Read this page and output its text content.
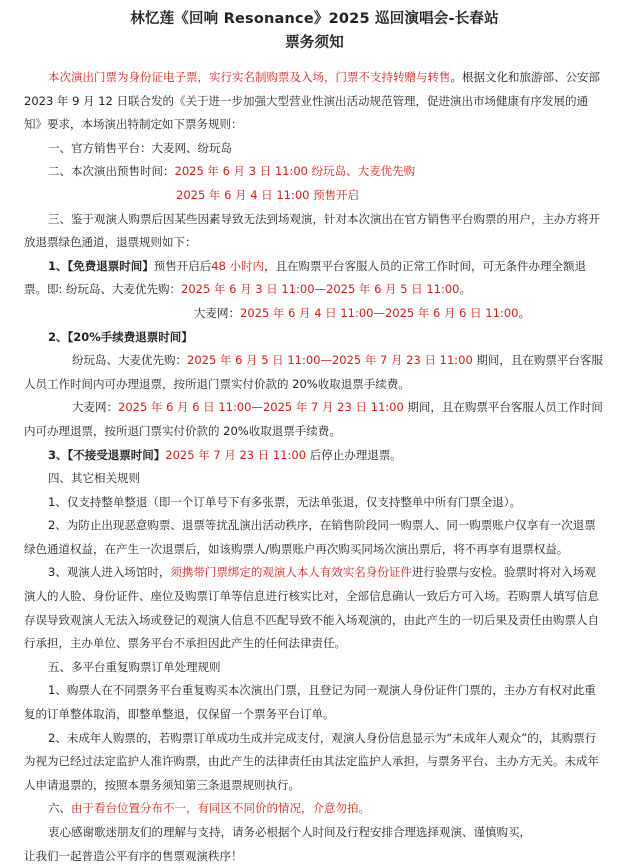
林忆莲《回响 Resonance》2025 巡回演唱会-长春站
票务须知

本次演出门票为身份证电子票，实行实名制购票及入场，门票不支持转赠与转售。根据文化和旅游部、公安部 2023 年 9 月 12 日联合发的《关于进一步加强大型营业性演出活动规范管理，促进演出市场健康有序发展的通知》要求，本场演出特制定如下票务规则：

一、官方销售平台：大麦网、纷玩岛

二、本次演出预售时间：2025 年 6 月 3 日 11:00 纷玩岛、大麦优先购

2025 年 6 月 4 日 11:00 预售开启

三、鉴于观演人购票后因某些因素导致无法到场观演，针对本次演出在官方销售平台购票的用户，主办方将开放退票绿色通道，退票规则如下：

1、【免费退票时间】预售开启后48 小时内，且在购票平台客服人员的正常工作时间，可无条件办理全额退票。即: 纷玩岛、大麦优先购：2025 年 6 月 3 日 11:00—2025 年 6 月 5 日 11:00。

大麦网：2025 年 6 月 4 日 11:00—2025 年 6 月 6 日 11:00。

2、【20%手续费退票时间】

纷玩岛、大麦优先购：2025 年 6 月 5 日 11:00—2025 年 7 月 23 日 11:00 期间，且在购票平台客服人员工作时间内可办理退票，按所退门票实付价款的 20%收取退票手续费。

大麦网：2025 年 6 月 6 日 11:00—2025 年 7 月 23 日 11:00 期间，且在购票平台客服人员工作时间内可办理退票，按所退门票实付价款的 20%收取退票手续费。

3、【不接受退票时间】2025 年 7 月 23 日 11:00 后停止办理退票。

四、其它相关规则

1、仅支持整单整退（即一个订单号下有多张票，无法单张退，仅支持整单中所有门票全退）。

2、为防止出现恶意购票、退票等扰乱演出活动秩序，在销售阶段同一购票人、同一购票账户仅享有一次退票绿色通道权益，在产生一次退票后，如该购票人/购票账户再次购买同场次演出票后，将不再享有退票权益。

3、观演人进入场馆时，须携带门票绑定的观演人本人有效实名身份证件进行验票与安检。验票时将对入场观演人的人脸、身份证件、座位及购票订单等信息进行核实比对，全部信息确认一致后方可入场。若购票人填写信息存误导致观演人无法入场或登记的观演人信息不匹配导致不能入场观演的，由此产生的一切后果及责任由购票人自行承担，主办单位、票务平台不承担因此产生的任何法律责任。

五、多平台重复购票订单处理规则

1、购票人在不同票务平台重复购买本次演出门票，且登记为同一观演人身份证件门票的，主办方有权对此重复的订单整体取消，即整单整退，仅保留一个票务平台订单。

2、未成年人购票的，若购票订单成功生成并完成支付，观演人身份信息显示为“未成年人观众”的，其购票行为视为已经过法定监护人准许购票，由此产生的法律责任由其法定监护人承担，与票务平台、主办方无关。未成年人申请退票的，按照本票务须知第三条退票规则执行。

六、由于看台位置分布不一，有同区不同价的情况，介意勿拍。

衷心感谢歌迷朋友们的理解与支持，请务必根据个人时间及行程安排合理选择观演、谨慎购买，

让我们一起普造公平有序的售票观演秩序！
